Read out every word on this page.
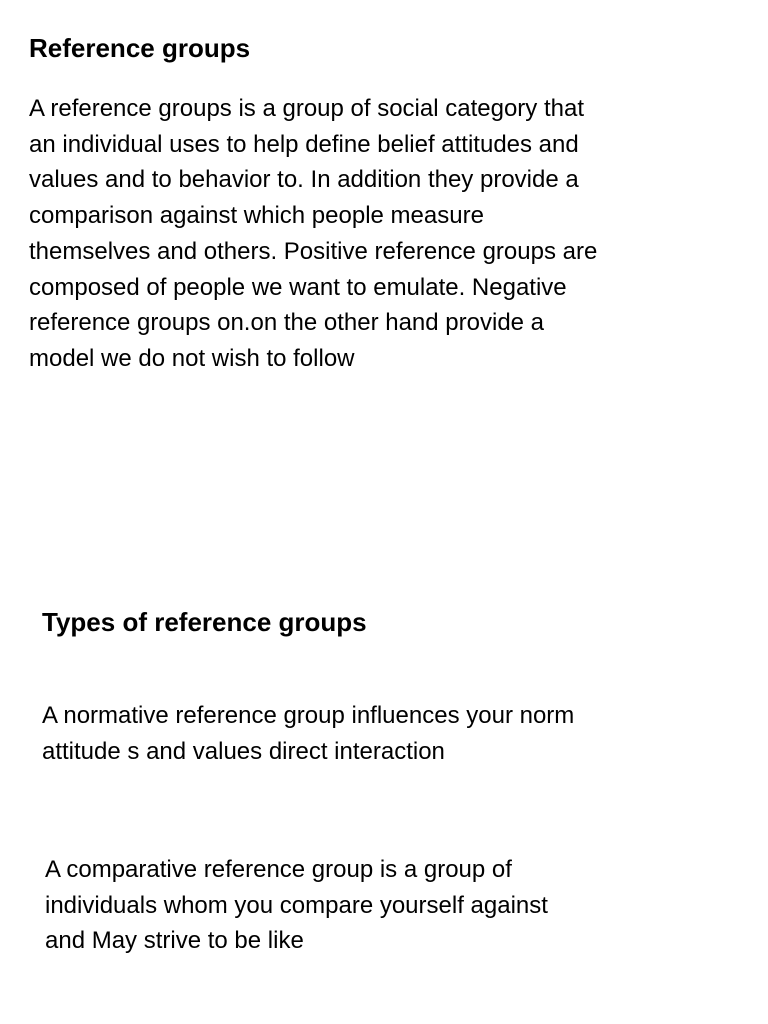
Reference groups
A reference groups is a group of social category that
an individual uses to help define belief attitudes and
values and to behavior to. In addition they provide a
comparison against which people measure
themselves and others. Positive reference groups are
composed of people we want to emulate. Negative
reference groups on.on the other hand provide a
model we do not wish to follow
Types of reference groups
A normative reference group influences your norm
attitude s and values direct interaction
A comparative reference group is a group of
individuals whom you compare yourself against
and May strive to be like
